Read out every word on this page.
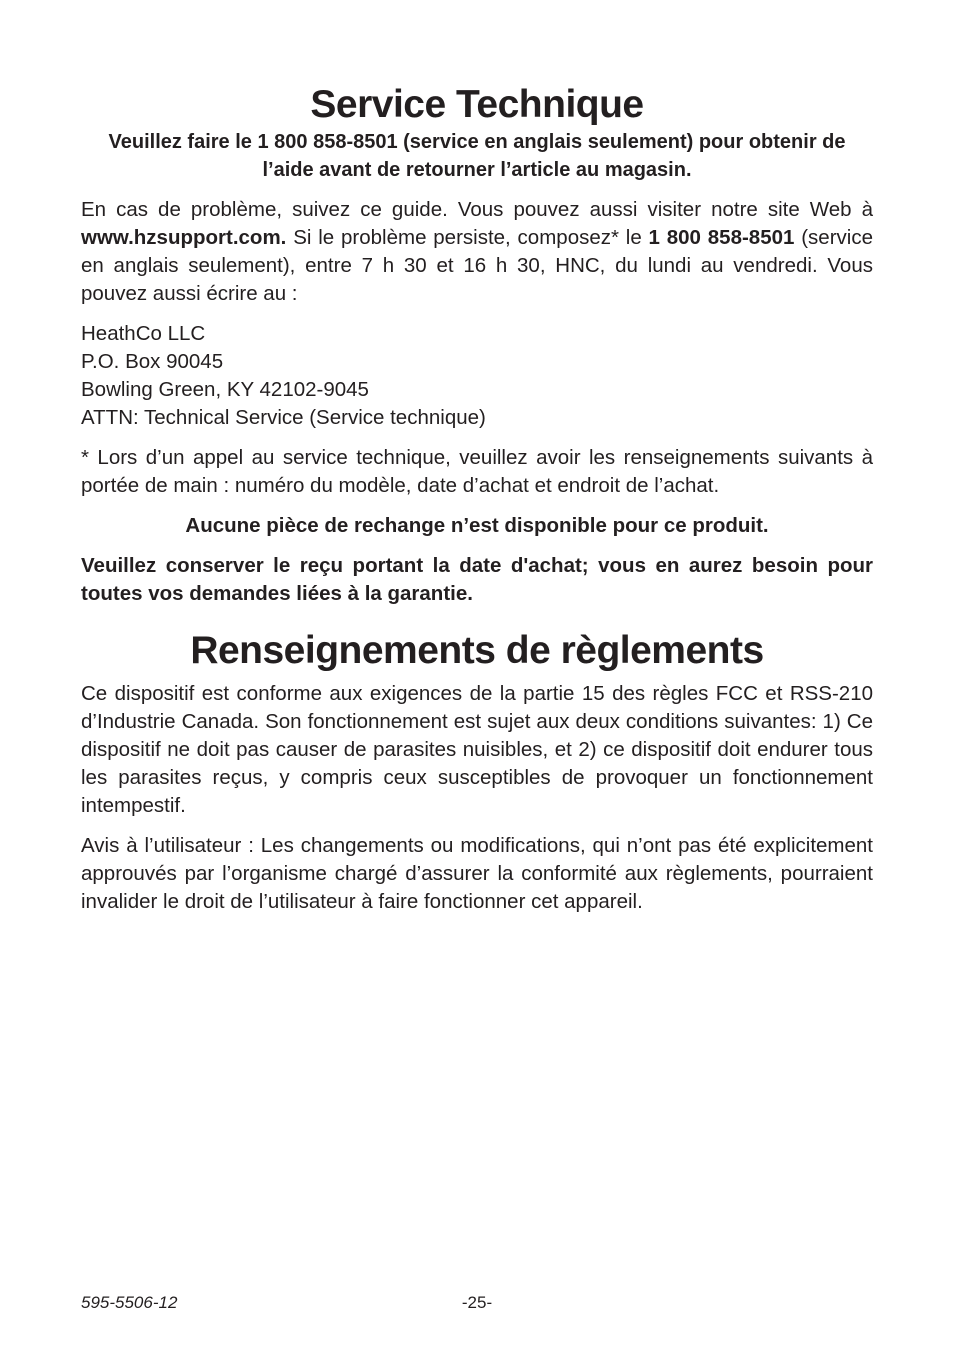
Service Technique
Veuillez faire le 1 800 858-8501 (service en anglais seulement) pour obtenir de l’aide avant de retourner l’article au magasin.

En cas de problème, suivez ce guide. Vous pouvez aussi visiter notre site Web à www.hzsupport.com. Si le problème persiste, composez* le 1 800 858-8501 (service en anglais seulement), entre 7 h 30 et 16 h 30, HNC, du lundi au vendredi. Vous pouvez aussi écrire au :

HeathCo LLC
P.O. Box 90045
Bowling Green, KY 42102-9045
ATTN: Technical Service (Service technique)

* Lors d’un appel au service technique, veuillez avoir les renseignements suivants à portée de main : numéro du modèle, date d’achat et endroit de l’achat.

Aucune pièce de rechange n’est disponible pour ce produit.

Veuillez conserver le reçu portant la date d'achat; vous en aurez besoin pour toutes vos demandes liées à la garantie.

Renseignements de règlements

Ce dispositif est conforme aux exigences de la partie 15 des règles FCC et RSS-210 d’Industrie Canada. Son fonctionnement est sujet aux deux conditions suivantes: 1) Ce dispositif ne doit pas causer de parasites nuisibles, et 2) ce dispositif doit endurer tous les parasites reçus, y compris ceux susceptibles de provoquer un fonctionnement intempestif.

Avis à l’utilisateur : Les changements ou modifications, qui n’ont pas été explicitement approuvés par l’organisme chargé d’assurer la conformité aux règlements, pourraient invalider le droit de l’utilisateur à faire fonctionner cet appareil.

595-5506-12	-25-
